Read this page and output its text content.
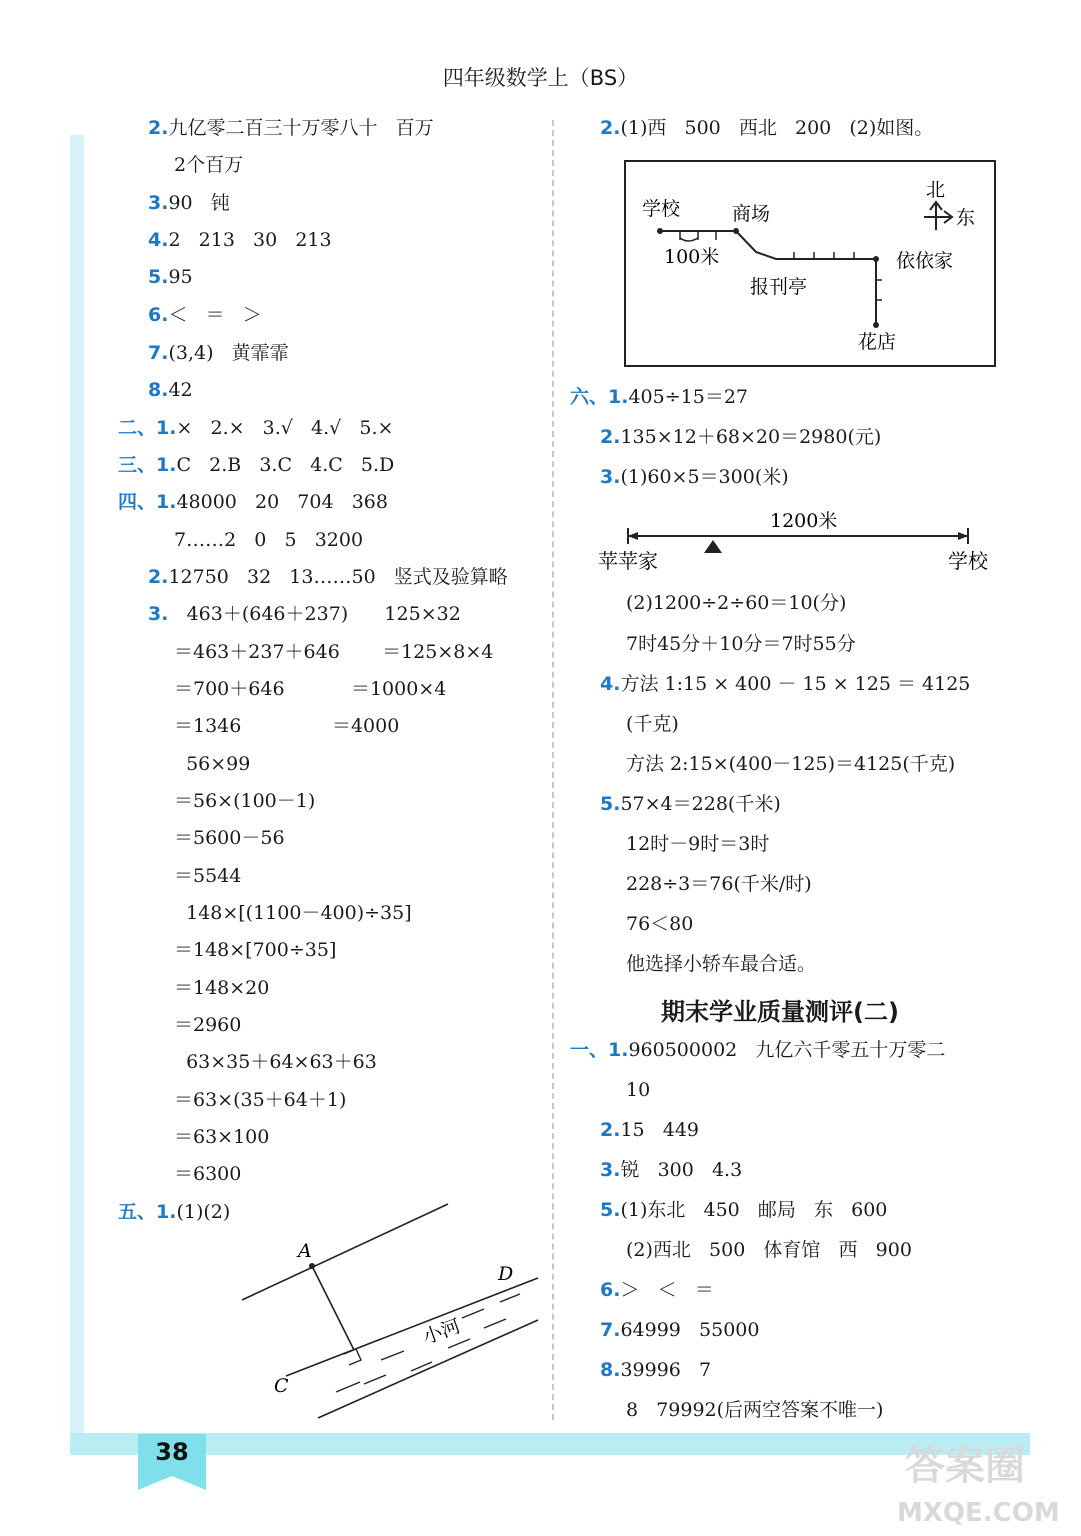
四年级数学上（BS）
2.九亿零二百三十万零八十   百万
2个百万
3.90   钝
4.2   213   30   213
5.95
6.＜   ＝   ＞
7.(3,4)   黄霏霏
8.42
二、1.×   2.×   3.√   4.√   5.×
三、1.C   2.B   3.C   4.C   5.D
四、1.48000   20   704   368
7……2   0   5   3200
2.12750   32   13……50   竖式及验算略
3.   463＋(646＋237)      125×32
＝463＋237＋646       ＝125×8×4
＝700＋646           ＝1000×4
＝1346               ＝4000
56×99
＝56×(100－1)
＝5600－56
＝5544
148×[(1100－400)÷35]
＝148×[700÷35]
＝148×20
＝2960
63×35＋64×63＋63
＝63×(35＋64＋1)
＝63×100
＝6300
五、1.(1)(2)
2.(1)西   500   西北   200   (2)如图。
六、1.405÷15＝27
2.135×12＋68×20＝2980(元)
3.(1)60×5＝300(米)
(2)1200÷2÷60＝10(分)
7时45分＋10分＝7时55分
4.方法 1:15 × 400 － 15 × 125 ＝ 4125
(千克)
方法 2:15×(400－125)＝4125(千克)
5.57×4＝228(千米)
12时－9时＝3时
228÷3＝76(千米/时)
76＜80
他选择小轿车最合适。
一、1.960500002   九亿六千零五十万零二
10
2.15   449
3.锐   300   4.3
5.(1)东北   450   邮局   东   600
(2)西北   500   体育馆   西   900
6.＞   ＜   ＝
7.64999   55000
8.39996   7
8   79992(后两空答案不唯一)
期末学业质量测评(二)
学校	商场
100米
报刊亭
依依家
花店
北
东
1200米
苹苹家	学校
A
C
D
小河
38	答案圈
MXQE.COM
